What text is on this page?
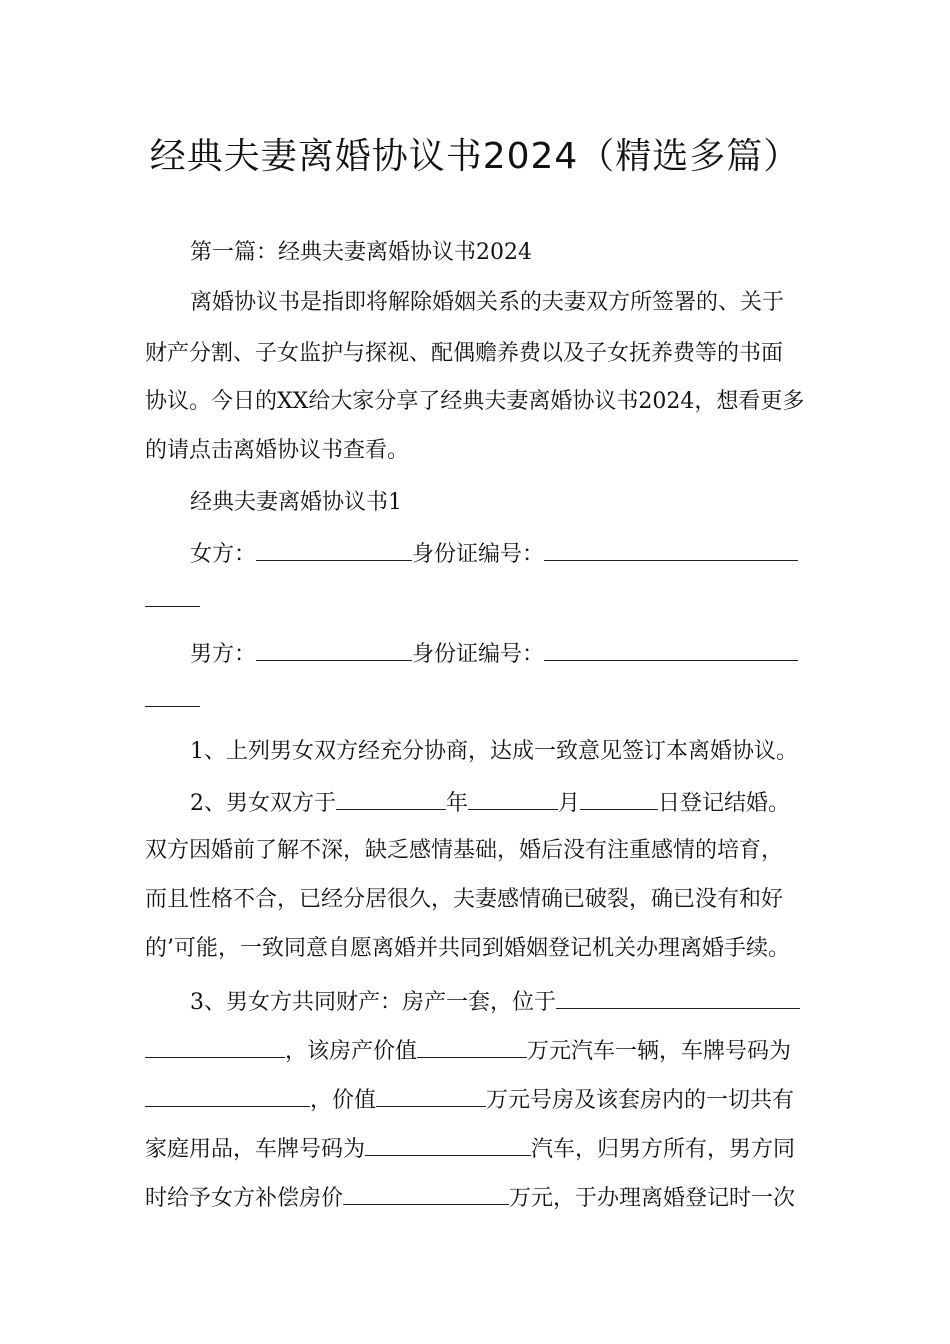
经典夫妻离婚协议书2024（精选多篇）
第一篇：经典夫妻离婚协议书2024
离婚协议书是指即将解除婚姻关系的夫妻双方所签署的、关于
财产分割、子女监护与探视、配偶赡养费以及子女抚养费等的书面
协议。今日的XX给大家分享了经典夫妻离婚协议书2024，想看更多
的请点击离婚协议书查看。
经典夫妻离婚协议书1
女方：	身份证编号：
男方：	身份证编号：
1、上列男女双方经充分协商，达成一致意见签订本离婚协议。
2、男女双方于	年	月	日登记结婚。
双方因婚前了解不深，缺乏感情基础，婚后没有注重感情的培育，
而且性格不合，已经分居很久，夫妻感情确已破裂，确已没有和好
的’可能，一致同意自愿离婚并共同到婚姻登记机关办理离婚手续。
3、男女方共同财产：房产一套，位于
，该房产价值	万元汽车一辆，车牌号码为
，价值	万元号房及该套房内的一切共有
家庭用品，车牌号码为	汽车，归男方所有，男方同
时给予女方补偿房价	万元，于办理离婚登记时一次
